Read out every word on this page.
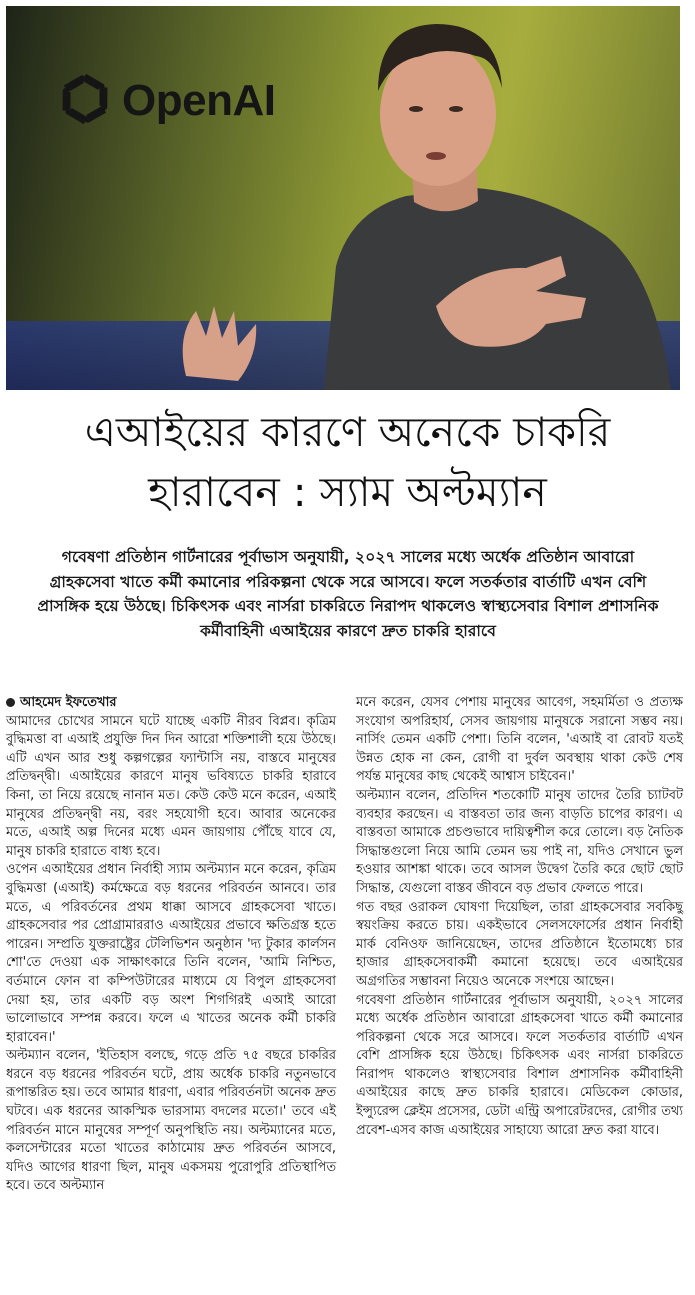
OpenAI
এআইয়ের কারণে অনেকে চাকরি
হারাবেন : স্যাম অল্টম্যান
গবেষণা প্রতিষ্ঠান গার্টনারের পূর্বাভাস অনুযায়ী, ২০২৭ সালের মধ্যে অর্ধেক প্রতিষ্ঠান আবারো গ্রাহকসেবা খাতে কর্মী কমানোর পরিকল্পনা থেকে সরে আসবে। ফলে সতর্কতার বার্তাটি এখন বেশি প্রাসঙ্গিক হয়ে উঠছে। চিকিৎসক এবং নার্সরা চাকরিতে নিরাপদ থাকলেও স্বাস্থ্যসেবার বিশাল প্রশাসনিক কর্মীবাহিনী এআইয়ের কারণে দ্রুত চাকরি হারাবে

আহমেদ ইফতেখার

আমাদের চোখের সামনে ঘটে যাচ্ছে একটি নীরব বিপ্লব। কৃত্রিম বুদ্ধিমত্তা বা এআই প্রযুক্তি দিন দিন আরো শক্তিশালী হয়ে উঠছে। এটি এখন আর শুধু কল্পগল্পের ফ্যান্টাসি নয়, বাস্তবে মানুষের প্রতিদ্বন্দ্বী। এআইয়ের কারণে মানুষ ভবিষ্যতে চাকরি হারাবে কিনা, তা নিয়ে রয়েছে নানান মত। কেউ কেউ মনে করেন, এআই মানুষের প্রতিদ্বন্দ্বী নয়, বরং সহযোগী হবে। আবার অনেকের মতে, এআই অল্প দিনের মধ্যে এমন জায়গায় পৌঁছে যাবে যে, মানুষ চাকরি হারাতে বাধ্য হবে।

ওপেন এআইয়ের প্রধান নির্বাহী স্যাম অল্টম্যান মনে করেন, কৃত্রিম বুদ্ধিমত্তা (এআই) কর্মক্ষেত্রে বড় ধরনের পরিবর্তন আনবে। তার মতে, এ পরিবর্তনের প্রথম ধাক্কা আসবে গ্রাহকসেবা খাতে। গ্রাহকসেবার পর প্রোগ্রামাররাও এআইয়ের প্রভাবে ক্ষতিগ্রস্ত হতে পারেন। সম্প্রতি যুক্তরাষ্ট্রের টেলিভিশন অনুষ্ঠান 'দ্য টুকার কার্লসন শো'তে দেওয়া এক সাক্ষাৎকারে তিনি বলেন, 'আমি নিশ্চিত, বর্তমানে ফোন বা কম্পিউটারের মাধ্যমে যে বিপুল গ্রাহকসেবা দেয়া হয়, তার একটি বড় অংশ শিগগিরই এআই আরো ভালোভাবে সম্পন্ন করবে। ফলে এ খাতের অনেক কর্মী চাকরি হারাবেন।'

অল্টম্যান বলেন, 'ইতিহাস বলছে, গড়ে প্রতি ৭৫ বছরে চাকরির ধরনে বড় ধরনের পরিবর্তন ঘটে, প্রায় অর্ধেক চাকরি নতুনভাবে রূপান্তরিত হয়। তবে আমার ধারণা, এবার পরিবর্তনটা অনেক দ্রুত ঘটবে। এক ধরনের আকস্মিক ভারসাম্য বদলের মতো।' তবে এই পরিবর্তন মানে মানুষের সম্পূর্ণ অনুপস্থিতি নয়। অল্টম্যানের মতে, কলসেন্টারের মতো খাতের কাঠামোয় দ্রুত পরিবর্তন আসবে, যদিও আগের ধারণা ছিল, মানুষ একসময় পুরোপুরি প্রতিস্থাপিত হবে। তবে অল্টম্যান

মনে করেন, যেসব পেশায় মানুষের আবেগ, সহমর্মিতা ও প্রত্যক্ষ সংযোগ অপরিহার্য, সেসব জায়গায় মানুষকে সরানো সম্ভব নয়। নার্সিং তেমন একটি পেশা। তিনি বলেন, 'এআই বা রোবট যতই উন্নত হোক না কেন, রোগী বা দুর্বল অবস্থায় থাকা কেউ শেষ পর্যন্ত মানুষের কাছ থেকেই আশ্বাস চাইবেন।'

অল্টম্যান বলেন, প্রতিদিন শতকোটি মানুষ তাদের তৈরি চ্যাটবট ব্যবহার করছেন। এ বাস্তবতা তার জন্য বাড়তি চাপের কারণ। এ বাস্তবতা আমাকে প্রচণ্ডভাবে দায়িত্বশীল করে তোলে। বড় নৈতিক সিদ্ধান্তগুলো নিয়ে আমি তেমন ভয় পাই না, যদিও সেখানে ভুল হওয়ার আশঙ্কা থাকে। তবে আসল উদ্বেগ তৈরি করে ছোট ছোট সিদ্ধান্ত, যেগুলো বাস্তব জীবনে বড় প্রভাব ফেলতে পারে।

গত বছর ওরাকল ঘোষণা দিয়েছিল, তারা গ্রাহকসেবার সবকিছু স্বয়ংক্রিয় করতে চায়। একইভাবে সেলসফোর্সের প্রধান নির্বাহী মার্ক বেনিওফ জানিয়েছেন, তাদের প্রতিষ্ঠানে ইতোমধ্যে চার হাজার গ্রাহকসেবাকর্মী কমানো হয়েছে। তবে এআইয়ের অগ্রগতির সম্ভাবনা নিয়েও অনেকে সংশয়ে আছেন।

গবেষণা প্রতিষ্ঠান গার্টনারের পূর্বাভাস অনুযায়ী, ২০২৭ সালের মধ্যে অর্ধেক প্রতিষ্ঠান আবারো গ্রাহকসেবা খাতে কর্মী কমানোর পরিকল্পনা থেকে সরে আসবে। ফলে সতর্কতার বার্তাটি এখন বেশি প্রাসঙ্গিক হয়ে উঠছে। চিকিৎসক এবং নার্সরা চাকরিতে নিরাপদ থাকলেও স্বাস্থ্যসেবার বিশাল প্রশাসনিক কর্মীবাহিনী এআইয়ের কাছে দ্রুত চাকরি হারাবে। মেডিকেল কোডার, ইন্স্যুরেন্স ক্লেইম প্রসেসর, ডেটা এন্ট্রি অপারেটরদের, রোগীর তথ্য প্রবেশ-এসব কাজ এআইয়ের সাহায্যে আরো দ্রুত করা যাবে।
